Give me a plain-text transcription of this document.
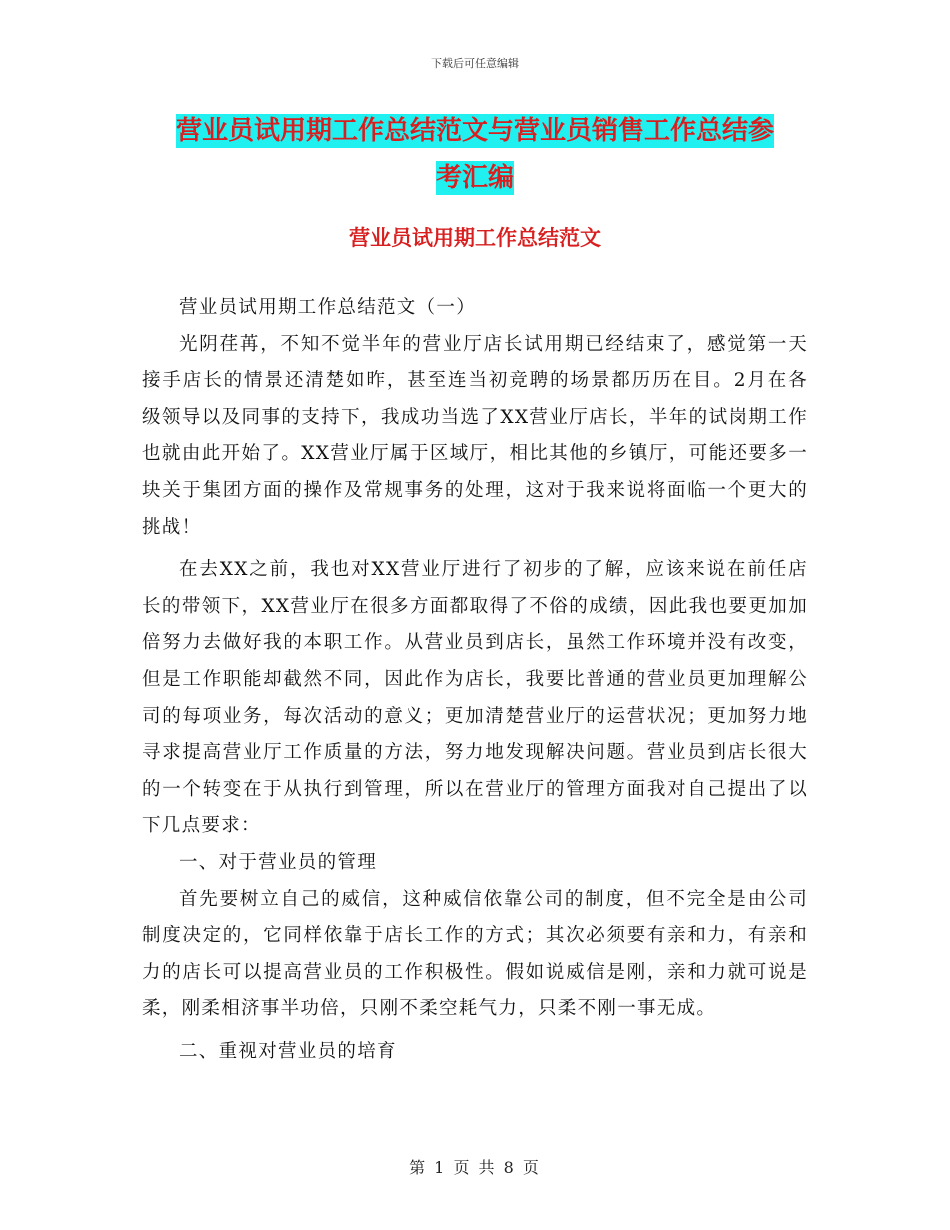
下载后可任意编辑
营业员试用期工作总结范文与营业员销售工作总结参
考汇编
营业员试用期工作总结范文

营业员试用期工作总结范文（一）

光阴荏苒，不知不觉半年的营业厅店长试用期已经结束了，感觉第一天接手店长的情景还清楚如昨，甚至连当初竞聘的场景都历历在目。2月在各级领导以及同事的支持下，我成功当选了XX营业厅店长，半年的试岗期工作也就由此开始了。XX营业厅属于区域厅，相比其他的乡镇厅，可能还要多一块关于集团方面的操作及常规事务的处理，这对于我来说将面临一个更大的挑战！

在去XX之前，我也对XX营业厅进行了初步的了解，应该来说在前任店长的带领下，XX营业厅在很多方面都取得了不俗的成绩，因此我也要更加加倍努力去做好我的本职工作。从营业员到店长，虽然工作环境并没有改变，但是工作职能却截然不同，因此作为店长，我要比普通的营业员更加理解公司的每项业务，每次活动的意义；更加清楚营业厅的运营状况；更加努力地寻求提高营业厅工作质量的方法，努力地发现解决问题。营业员到店长很大的一个转变在于从执行到管理，所以在营业厅的管理方面我对自己提出了以下几点要求：

一、对于营业员的管理

首先要树立自己的威信，这种威信依靠公司的制度，但不完全是由公司制度决定的，它同样依靠于店长工作的方式；其次必须要有亲和力，有亲和力的店长可以提高营业员的工作积极性。假如说威信是刚，亲和力就可说是柔，刚柔相济事半功倍，只刚不柔空耗气力，只柔不刚一事无成。

二、重视对营业员的培育

第 1 页 共 8 页
